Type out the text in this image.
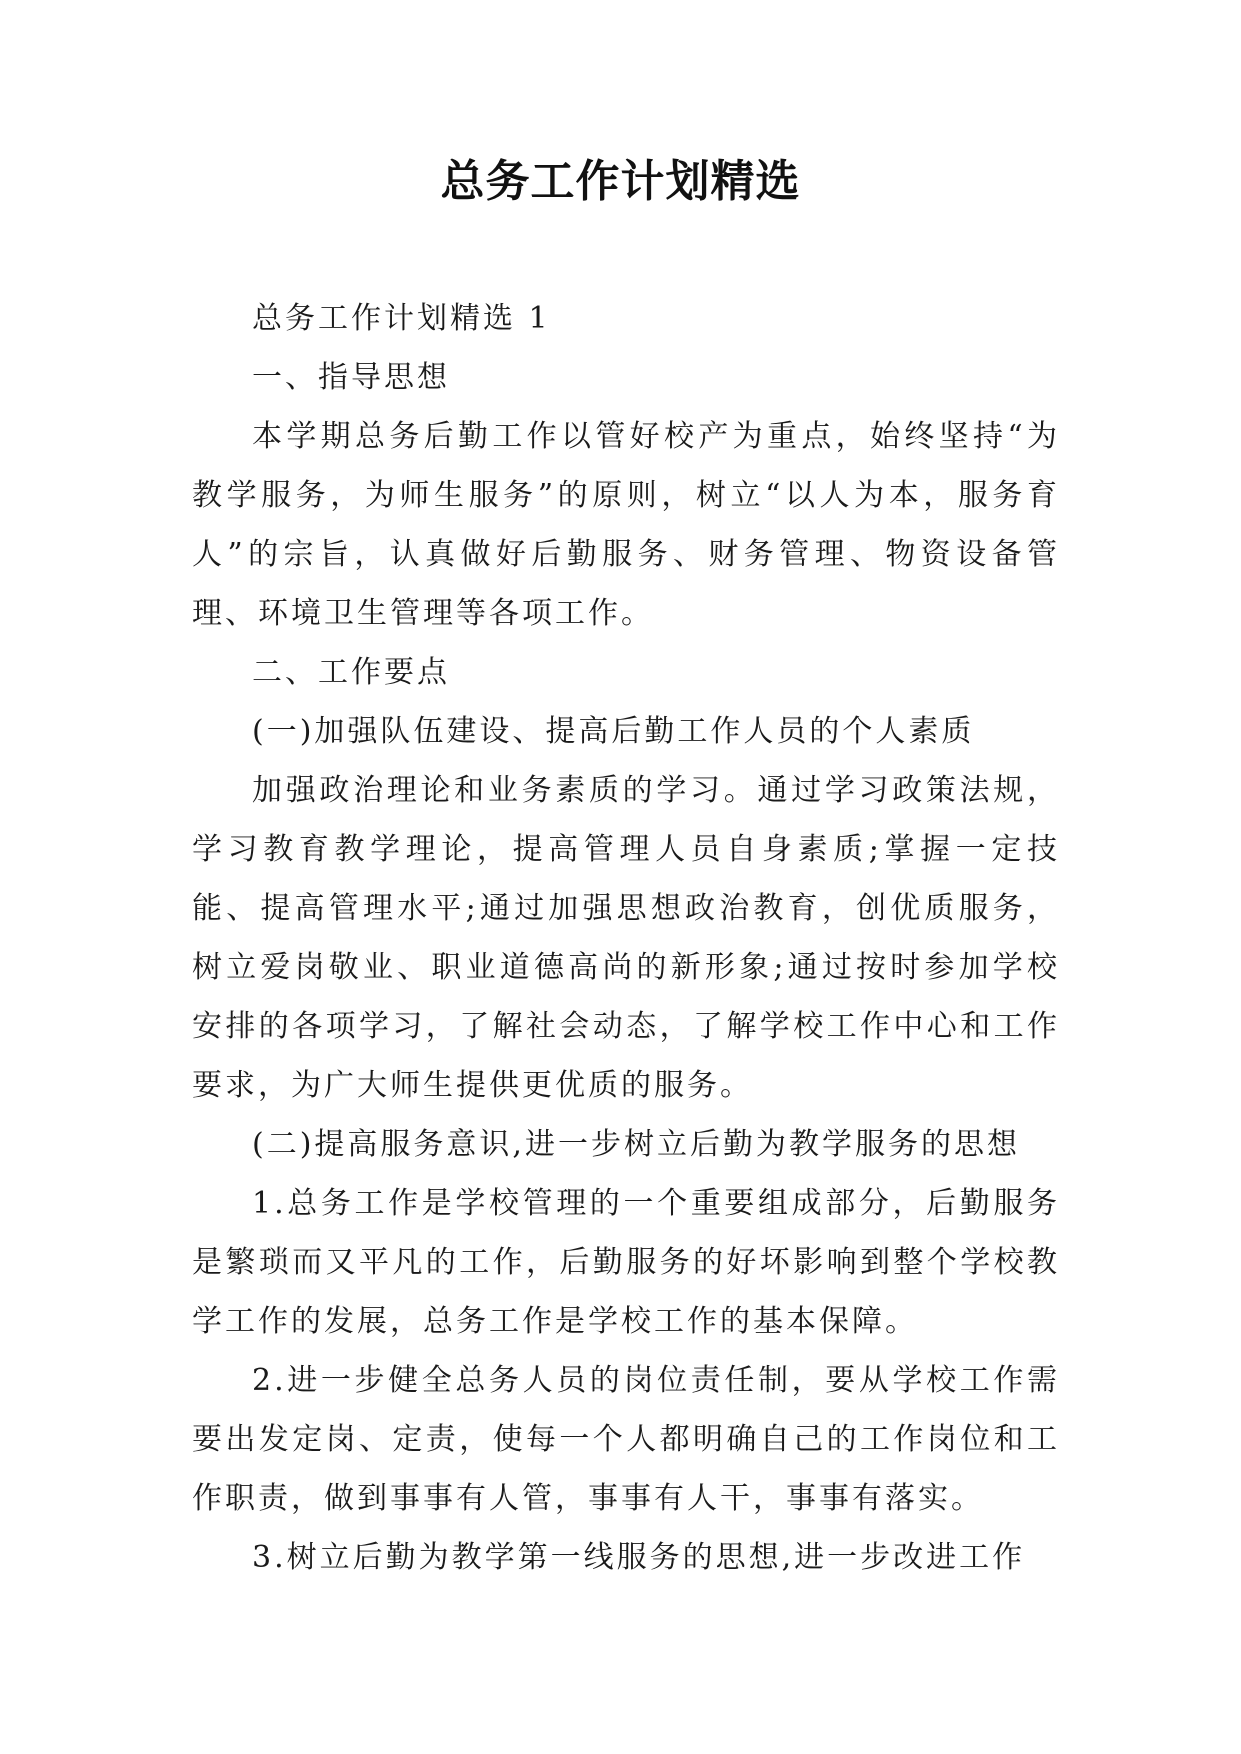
总务工作计划精选

总务工作计划精选 1

一、指导思想

本学期总务后勤工作以管好校产为重点，始终坚持“为教学服务，为师生服务”的原则，树立“以人为本，服务育人”的宗旨，认真做好后勤服务、财务管理、物资设备管理、环境卫生管理等各项工作。

二、工作要点

(一)加强队伍建设、提高后勤工作人员的个人素质

加强政治理论和业务素质的学习。通过学习政策法规，学习教育教学理论，提高管理人员自身素质;掌握一定技能、提高管理水平;通过加强思想政治教育，创优质服务，树立爱岗敬业、职业道德高尚的新形象;通过按时参加学校安排的各项学习，了解社会动态，了解学校工作中心和工作要求，为广大师生提供更优质的服务。

(二)提高服务意识,进一步树立后勤为教学服务的思想

1.总务工作是学校管理的一个重要组成部分，后勤服务是繁琐而又平凡的工作，后勤服务的好坏影响到整个学校教学工作的发展，总务工作是学校工作的基本保障。

2.进一步健全总务人员的岗位责任制，要从学校工作需要出发定岗、定责，使每一个人都明确自己的工作岗位和工作职责，做到事事有人管，事事有人干，事事有落实。

3.树立后勤为教学第一线服务的思想,进一步改进工作
